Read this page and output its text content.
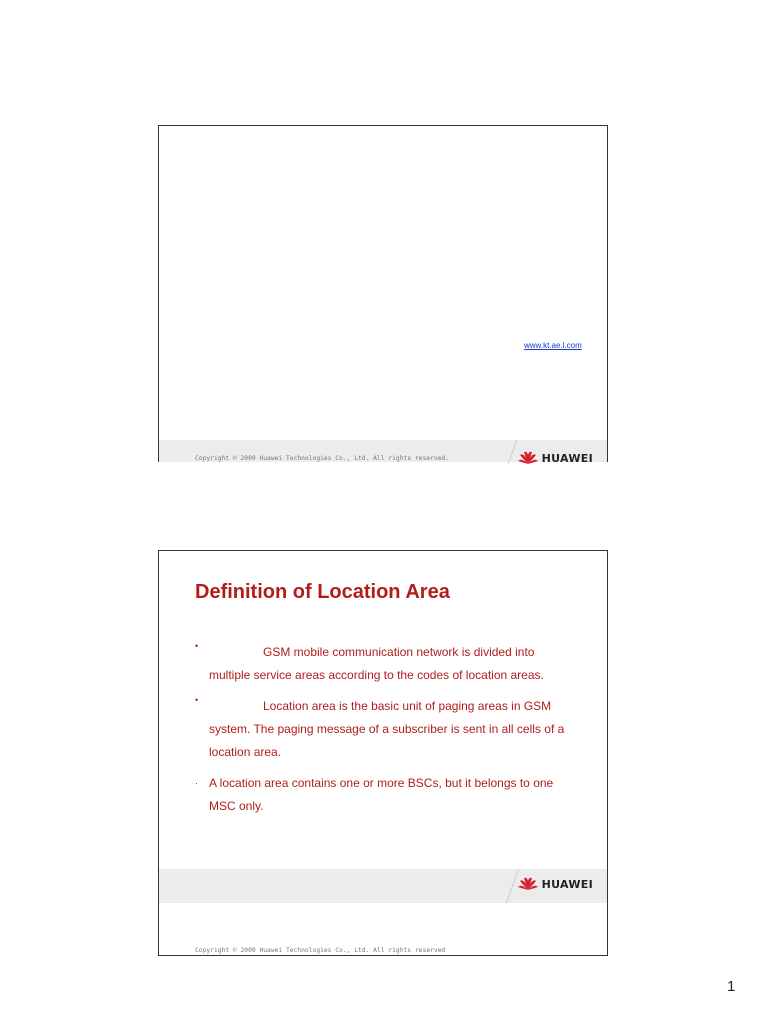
www.kt.ae.l.com
Copyright © 2009 Huawei Technologies Co., Ltd. All rights reserved.	HUAWEI
Definition of Location Area
•	GSM mobile communication network is divided into multiple service areas according to the codes of location areas.
•	Location area is the basic unit of paging areas in GSM system. The paging message of a subscriber is sent in all cells of a location area.
· A location area contains one or more BSCs, but it belongs to one MSC only.
HUAWEI
Copyright © 2009 Huawei Technologies Co., Ltd. All rights reserved
1
